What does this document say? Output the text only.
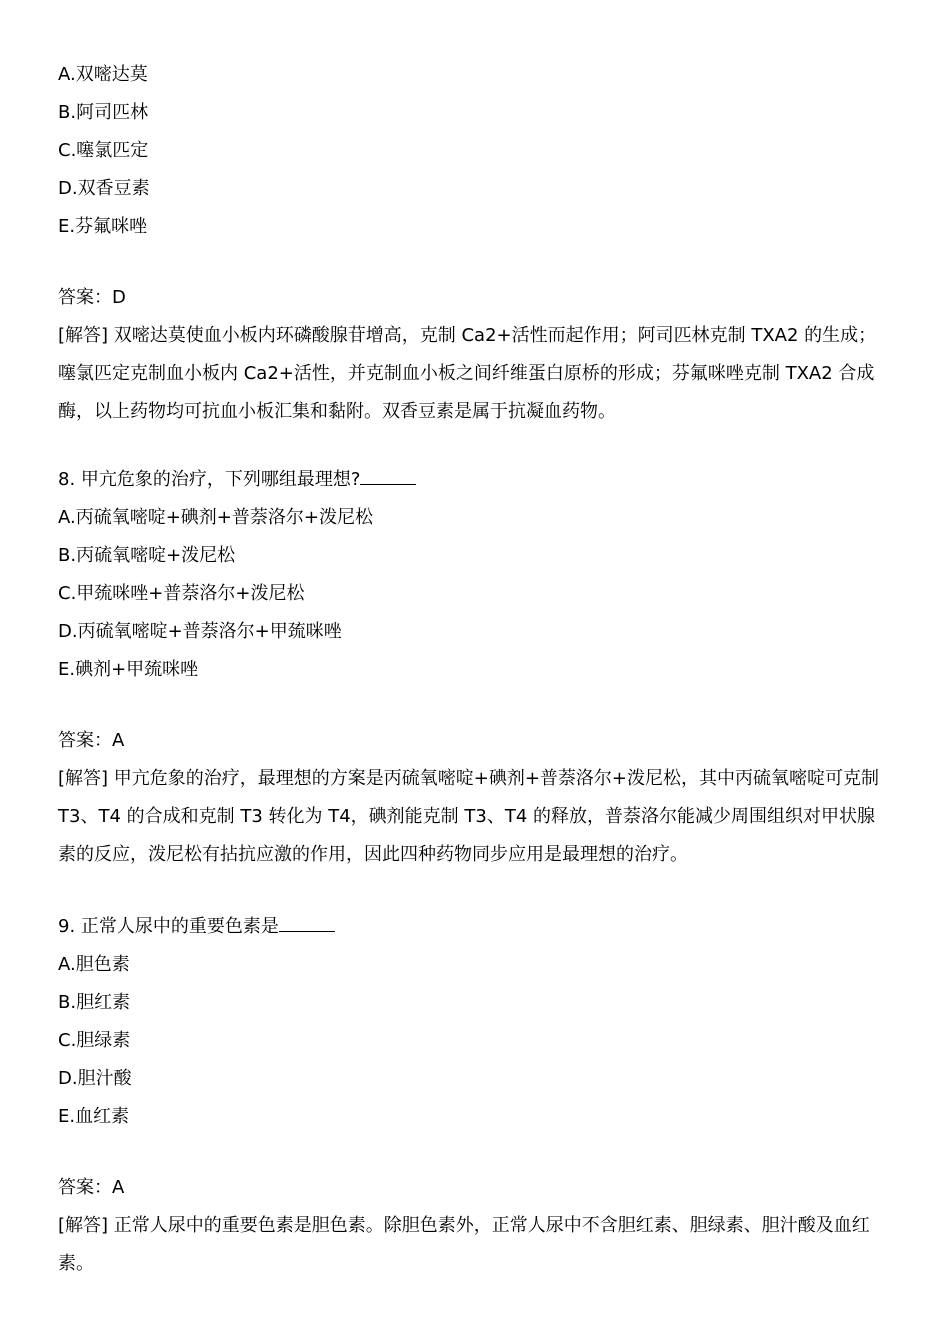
A.双嘧达莫
B.阿司匹林
C.噻氯匹定
D.双香豆素
E.芬氟咪唑
答案：D
[解答] 双嘧达莫使血小板内环磷酸腺苷增高，克制 Ca2+活性而起作用；阿司匹林克制 TXA2 的生成；噻氯匹定克制血小板内 Ca2+活性，并克制血小板之间纤维蛋白原桥的形成；芬氟咪唑克制 TXA2 合成酶，以上药物均可抗血小板汇集和黏附。双香豆素是属于抗凝血药物。
8. 甲亢危象的治疗，下列哪组最理想?
A.丙硫氧嘧啶+碘剂+普萘洛尔+泼尼松
B.丙硫氧嘧啶+泼尼松
C.甲巯咪唑+普萘洛尔+泼尼松
D.丙硫氧嘧啶+普萘洛尔+甲巯咪唑
E.碘剂+甲巯咪唑
答案：A
[解答] 甲亢危象的治疗，最理想的方案是丙硫氧嘧啶+碘剂+普萘洛尔+泼尼松，其中丙硫氧嘧啶可克制 T3、T4 的合成和克制 T3 转化为 T4，碘剂能克制 T3、T4 的释放，普萘洛尔能减少周围组织对甲状腺素的反应，泼尼松有拈抗应激的作用，因此四种药物同步应用是最理想的治疗。
9. 正常人尿中的重要色素是
A.胆色素
B.胆红素
C.胆绿素
D.胆汁酸
E.血红素
答案：A
[解答] 正常人尿中的重要色素是胆色素。除胆色素外，正常人尿中不含胆红素、胆绿素、胆汁酸及血红素。
